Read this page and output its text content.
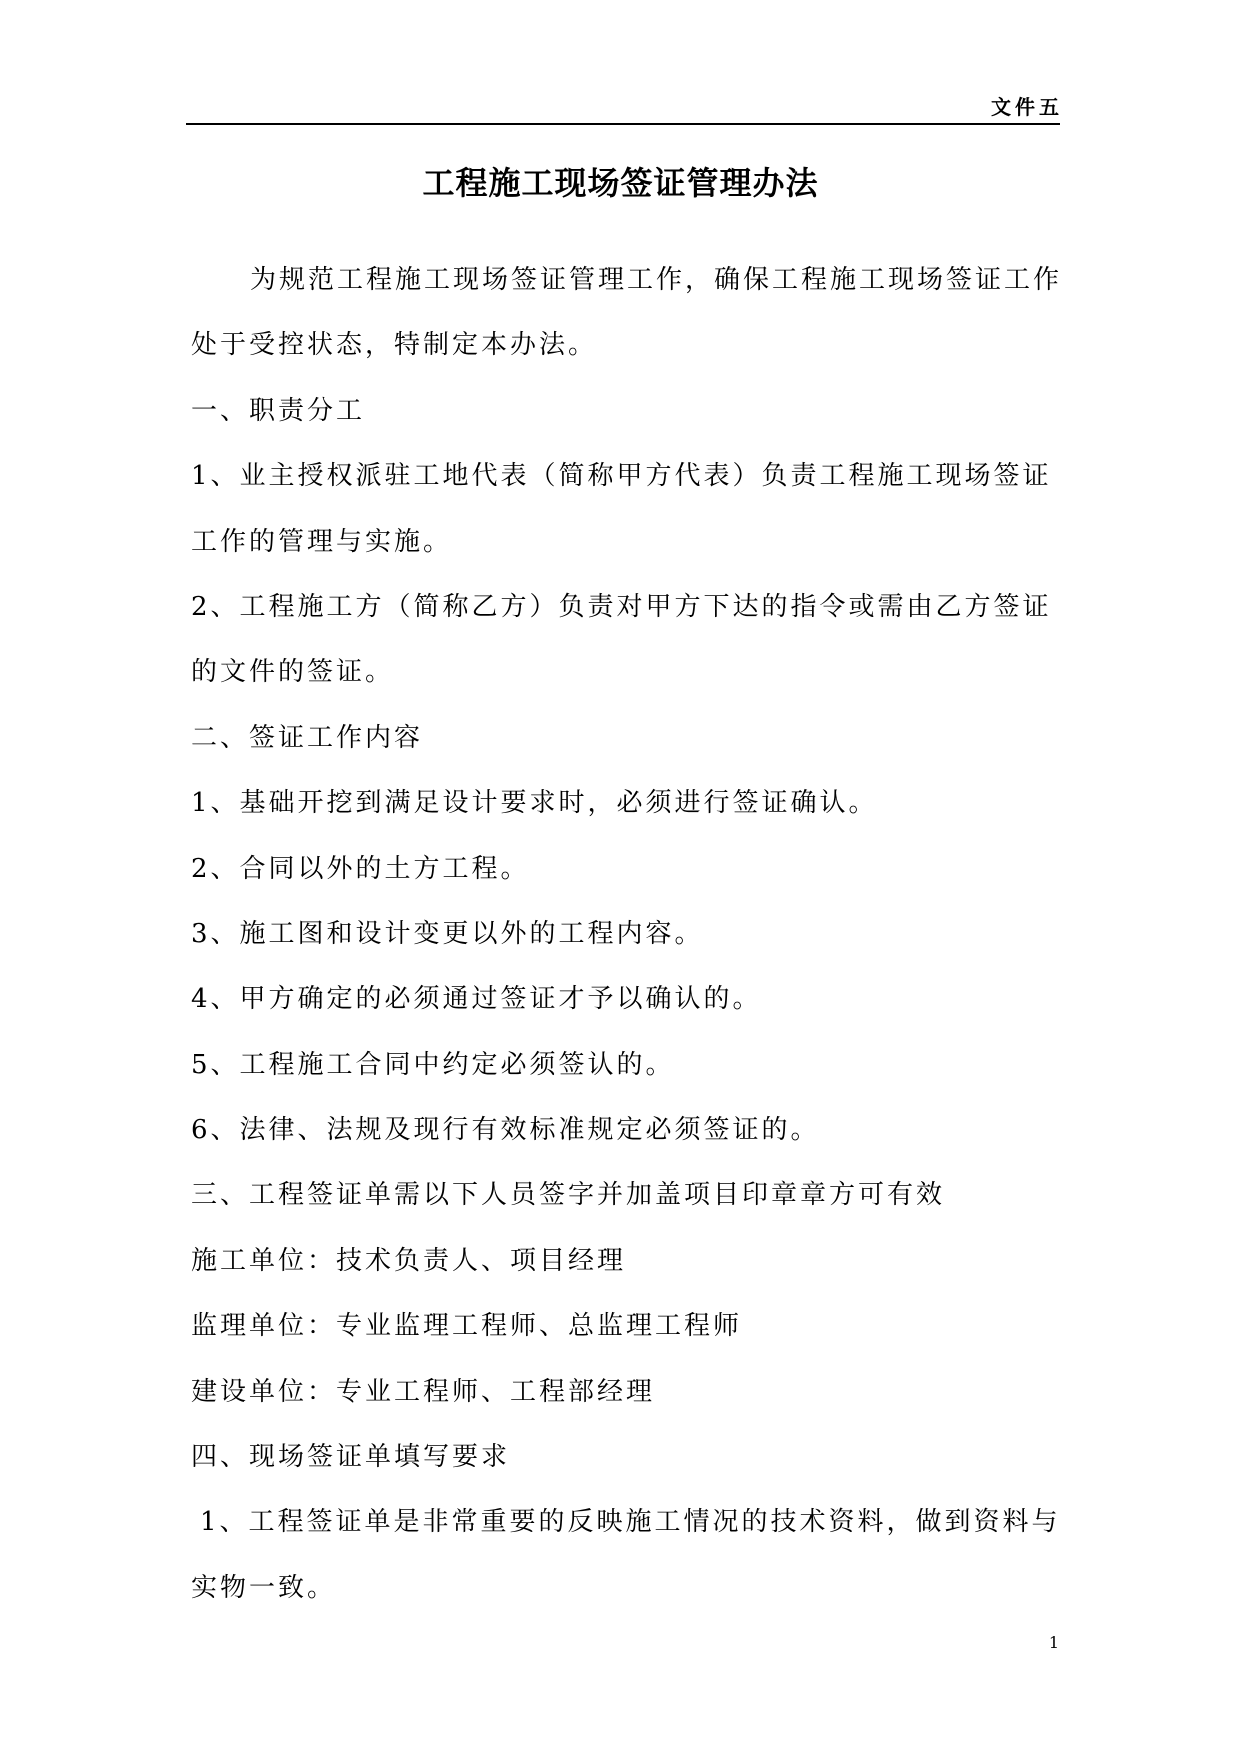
文件五
工程施工现场签证管理办法
为规范工程施工现场签证管理工作，确保工程施工现场签证工作
处于受控状态，特制定本办法。
一、职责分工
1、业主授权派驻工地代表（简称甲方代表）负责工程施工现场签证
工作的管理与实施。
2、工程施工方（简称乙方）负责对甲方下达的指令或需由乙方签证
的文件的签证。
二、签证工作内容
1、基础开挖到满足设计要求时，必须进行签证确认。
2、合同以外的土方工程。
3、施工图和设计变更以外的工程内容。
4、甲方确定的必须通过签证才予以确认的。
5、工程施工合同中约定必须签认的。
6、法律、法规及现行有效标准规定必须签证的。
三、工程签证单需以下人员签字并加盖项目印章章方可有效
施工单位：技术负责人、项目经理
监理单位：专业监理工程师、总监理工程师
建设单位：专业工程师、工程部经理
四、现场签证单填写要求
1、工程签证单是非常重要的反映施工情况的技术资料，做到资料与
实物一致。
1
